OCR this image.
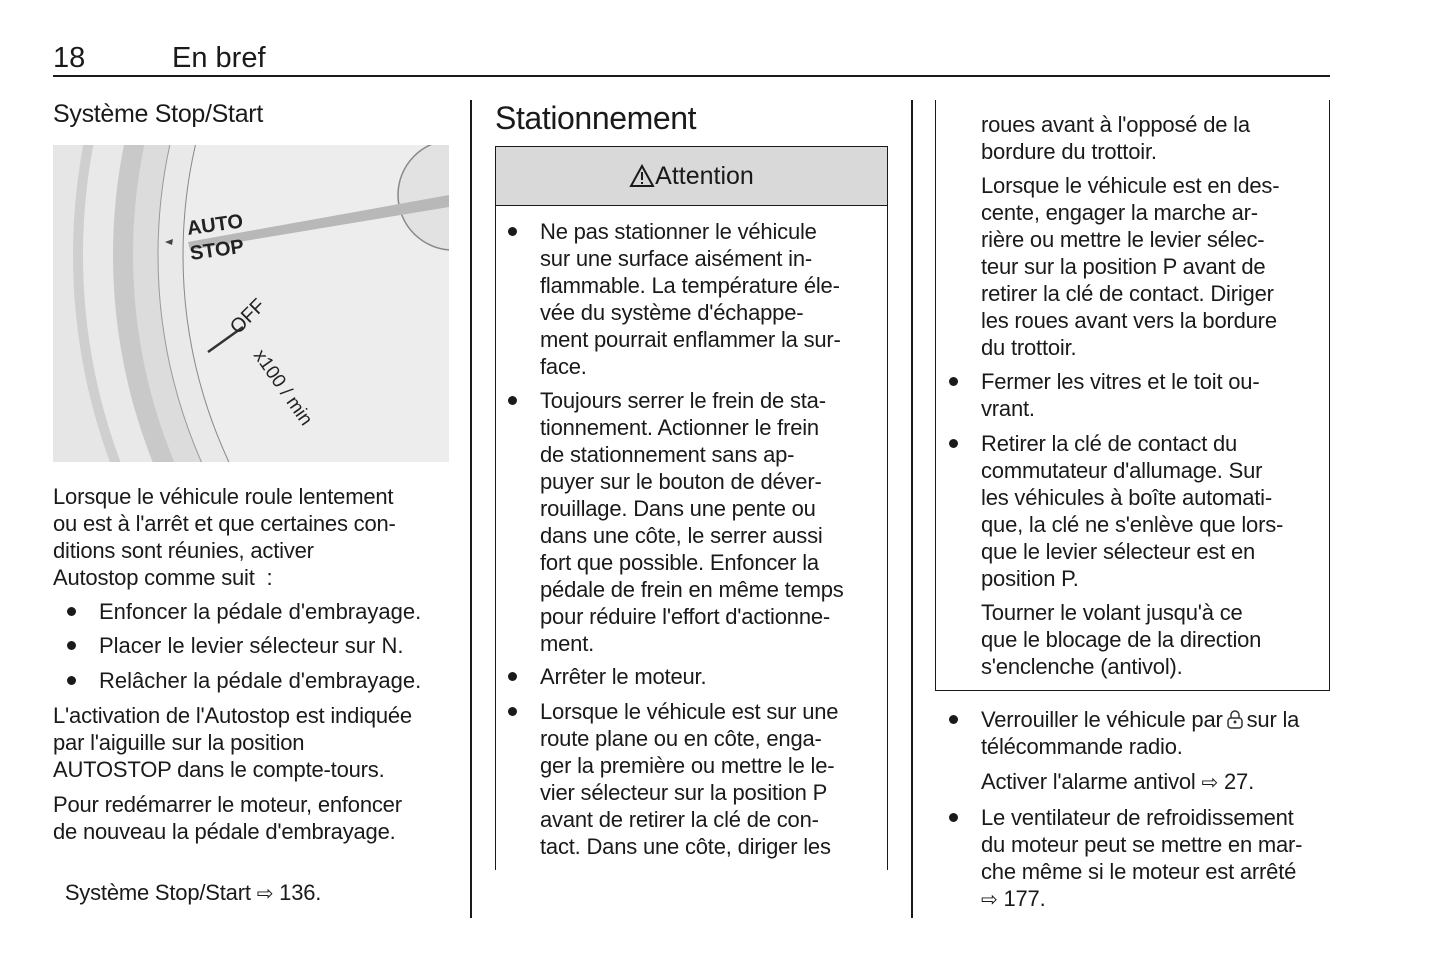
18	En bref
Système Stop/Start
AUTO
STOP
OFF
x100 / min
Lorsque le véhicule roule lentement
ou est à l'arrêt et que certaines con-
ditions sont réunies, activer
Autostop comme suit  :
Enfoncer la pédale d'embrayage.
Placer le levier sélecteur sur N.
Relâcher la pédale d'embrayage.
L'activation de l'Autostop est indiquée
par l'aiguille sur la position
AUTOSTOP dans le compte-tours.
Pour redémarrer le moteur, enfoncer
de nouveau la pédale d'embrayage.

Système Stop/Start ⇨ 136.

Stationnement
Attention
Ne pas stationner le véhicule
sur une surface aisément in-
flammable. La température éle-
vée du système d'échappe-
ment pourrait enflammer la sur-
face.
Toujours serrer le frein de sta-
tionnement. Actionner le frein
de stationnement sans ap-
puyer sur le bouton de déver-
rouillage. Dans une pente ou
dans une côte, le serrer aussi
fort que possible. Enfoncer la
pédale de frein en même temps
pour réduire l'effort d'actionne-
ment.
Arrêter le moteur.
Lorsque le véhicule est sur une
route plane ou en côte, enga-
ger la première ou mettre le le-
vier sélecteur sur la position P
avant de retirer la clé de con-
tact. Dans une côte, diriger les
roues avant à l'opposé de la
bordure du trottoir.
Lorsque le véhicule est en des-
cente, engager la marche ar-
rière ou mettre le levier sélec-
teur sur la position P avant de
retirer la clé de contact. Diriger
les roues avant vers la bordure
du trottoir.
Fermer les vitres et le toit ou-
vrant.
Retirer la clé de contact du
commutateur d'allumage. Sur
les véhicules à boîte automati-
que, la clé ne s'enlève que lors-
que le levier sélecteur est en
position P.
Tourner le volant jusqu'à ce
que le blocage de la direction
s'enclenche (antivol).
Verrouiller le véhicule par sur la
télécommande radio.
Activer l'alarme antivol ⇨ 27.
Le ventilateur de refroidissement
du moteur peut se mettre en mar-
che même si le moteur est arrêté
⇨ 177.
